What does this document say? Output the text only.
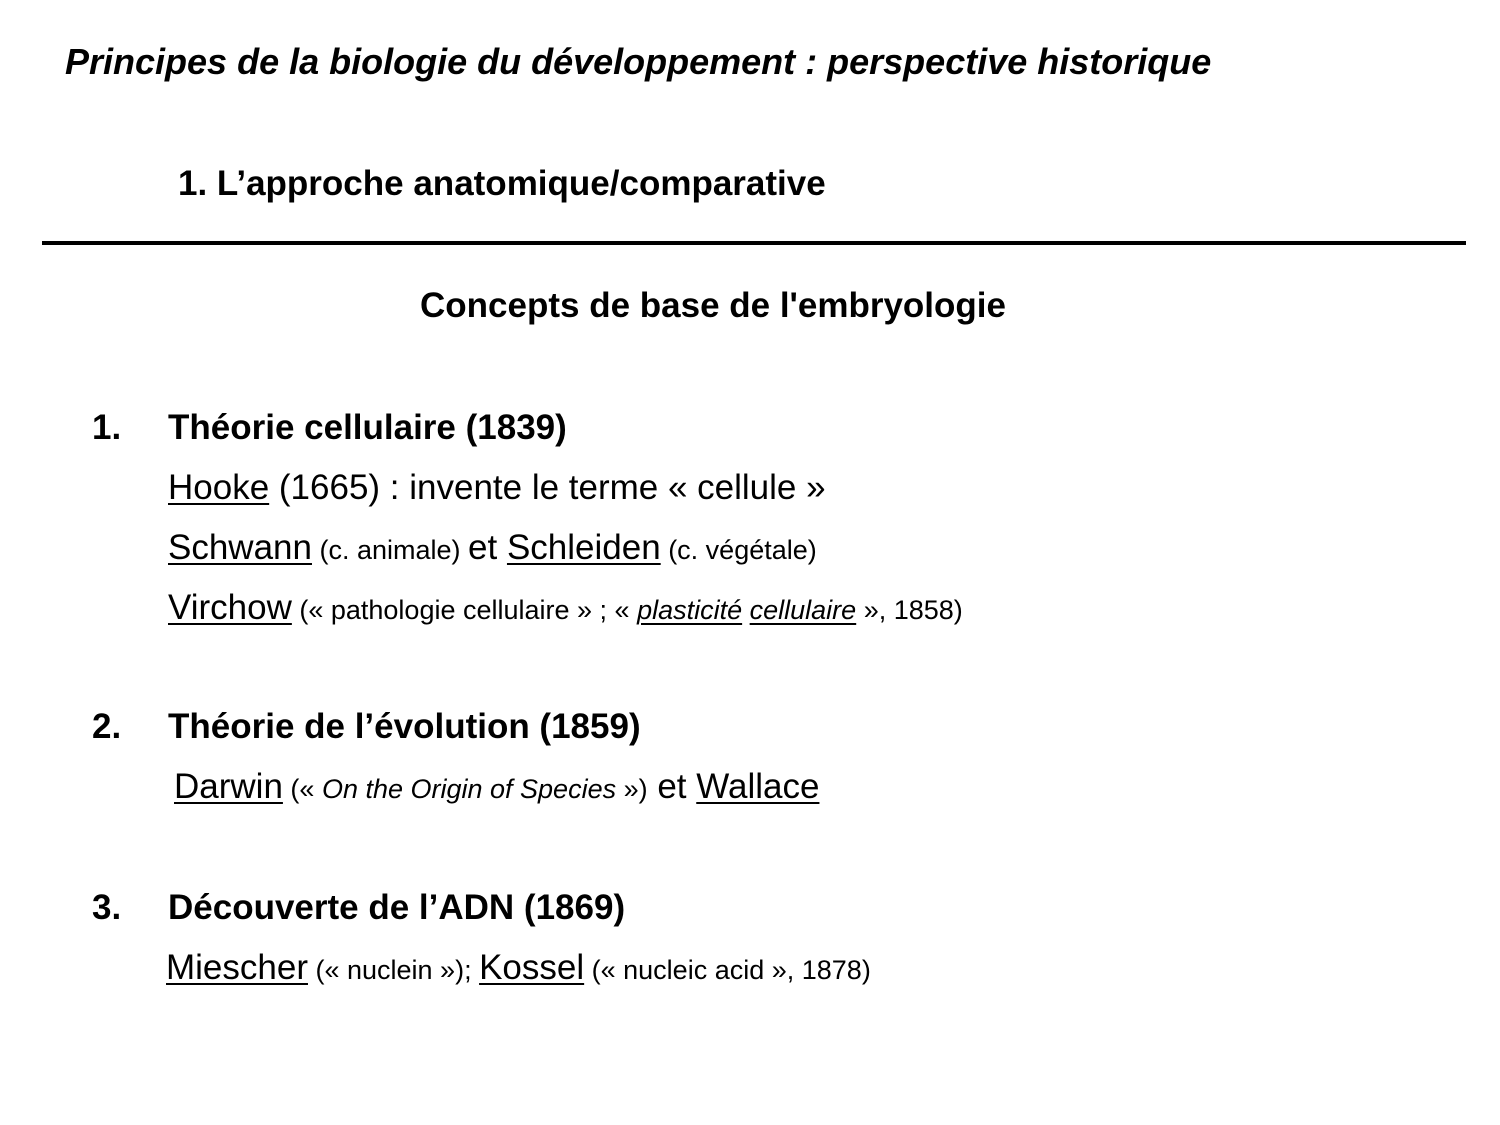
Principes de la biologie du développement : perspective historique
1. L’approche anatomique/comparative
Concepts de base de l'embryologie
1. Théorie cellulaire (1839)
Hooke (1665) : invente le terme « cellule »
Schwann (c. animale) et Schleiden (c. végétale)
Virchow (« pathologie cellulaire » ; « plasticité cellulaire », 1858)
2. Théorie de l’évolution (1859)
Darwin (« On the Origin of Species ») et Wallace
3. Découverte de l’ADN (1869)
Miescher (« nuclein »); Kossel (« nucleic acid », 1878)
